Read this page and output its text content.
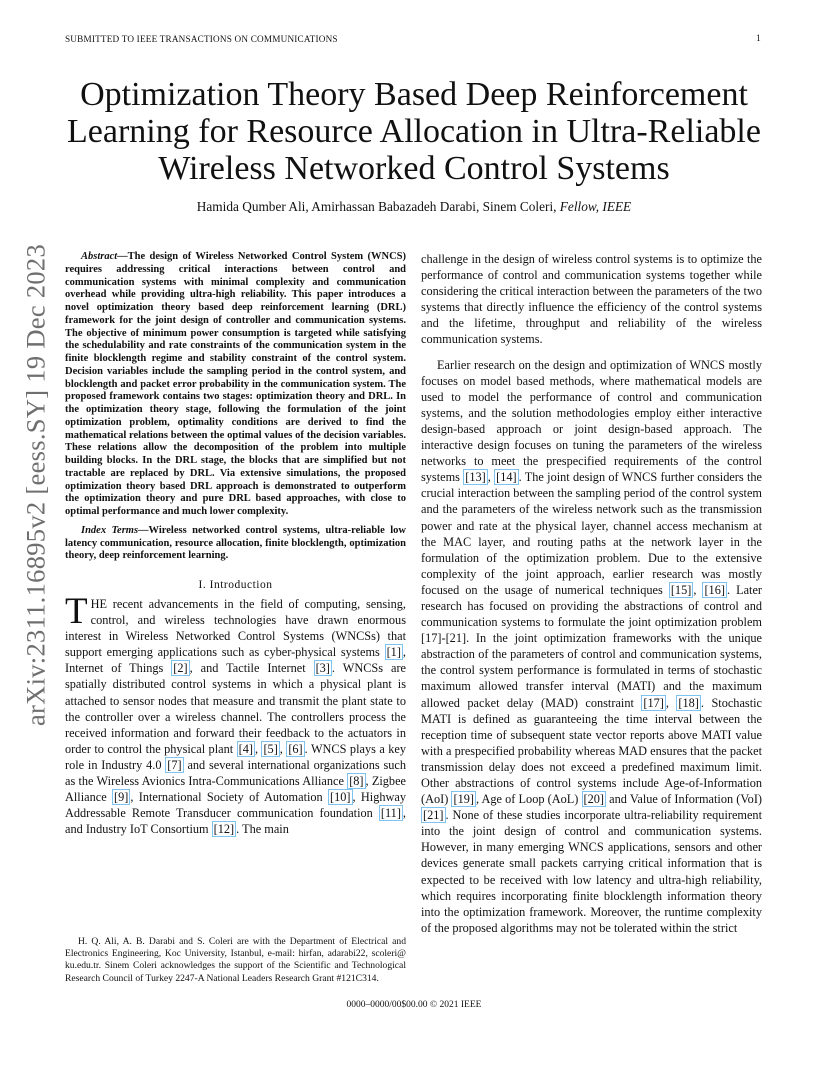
SUBMITTED TO IEEE TRANSACTIONS ON COMMUNICATIONS	1
Optimization Theory Based Deep Reinforcement Learning for Resource Allocation in Ultra-Reliable Wireless Networked Control Systems
Hamida Qumber Ali, Amirhassan Babazadeh Darabi, Sinem Coleri, Fellow, IEEE
arXiv:2311.16895v2 [eess.SY] 19 Dec 2023	Abstract—The design of Wireless Networked Control System (WNCS) requires addressing critical interactions between control and communication systems with minimal complexity and communication overhead while providing ultra-high reliability. This paper introduces a novel optimization theory based deep reinforcement learning (DRL) framework for the joint design of controller and communication systems. The objective of minimum power consumption is targeted while satisfying the schedulability and rate constraints of the communication system in the finite blocklength regime and stability constraint of the control system. Decision variables include the sampling period in the control system, and blocklength and packet error probability in the communication system. The proposed framework contains two stages: optimization theory and DRL. In the optimization theory stage, following the formulation of the joint optimization problem, optimality conditions are derived to find the mathematical relations between the optimal values of the decision variables. These relations allow the decomposition of the problem into multiple building blocks. In the DRL stage, the blocks that are simplified but not tractable are replaced by DRL. Via extensive simulations, the proposed optimization theory based DRL approach is demonstrated to outperform the optimization theory and pure DRL based approaches, with close to optimal performance and much lower complexity.

Index Terms—Wireless networked control systems, ultra-reliable low latency communication, resource allocation, finite blocklength, optimization theory, deep reinforcement learning.

I. Introduction

THE recent advancements in the field of computing, sensing, control, and wireless technologies have drawn enormous interest in Wireless Networked Control Systems (WNCSs) that support emerging applications such as cyber-physical systems [1] , Internet of Things [2] , and Tactile Internet [3] . WNCSs are spatially distributed control systems in which a physical plant is attached to sensor nodes that measure and transmit the plant state to the controller over a wireless channel. The controllers process the received information and forward their feedback to the actuators in order to control the physical plant [4] , [5] , [6] . WNCS plays a key role in Industry 4.0 [7] and several international organizations such as the Wireless Avionics Intra-Communications Alliance [8] , Zigbee Alliance [9] , International Society of Automation [10] , Highway Addressable Remote Transducer communication foundation [11] , and Industry IoT Consortium [12] . The main

H. Q. Ali, A. B. Darabi and S. Coleri are with the Department of Electrical and Electronics Engineering, Koc University, Istanbul, e-mail: hirfan, adarabi22, scoleri@ ku.edu.tr. Sinem Coleri acknowledges the support of the Scientific and Technological Research Council of Turkey 2247-A National Leaders Research Grant #121C314.

challenge in the design of wireless control systems is to optimize the performance of control and communication systems together while considering the critical interaction between the parameters of the two systems that directly influence the efficiency of the control systems and the lifetime, throughput and reliability of the wireless communication systems.

Earlier research on the design and optimization of WNCS mostly focuses on model based methods, where mathematical models are used to model the performance of control and communication systems, and the solution methodologies employ either interactive design-based approach or joint design-based approach. The interactive design focuses on tuning the parameters of the wireless networks to meet the prespecified requirements of the control systems [13] , [14] . The joint design of WNCS further considers the crucial interaction between the sampling period of the control system and the parameters of the wireless network such as the transmission power and rate at the physical layer, channel access mechanism at the MAC layer, and routing paths at the network layer in the formulation of the optimization problem. Due to the extensive complexity of the joint approach, earlier research was mostly focused on the usage of numerical techniques [15] , [16] . Later research has focused on providing the abstractions of control and communication systems to formulate the joint optimization problem [17]-[21]. In the joint optimization frameworks with the unique abstraction of the parameters of control and communication systems, the control system performance is formulated in terms of stochastic maximum allowed transfer interval (MATI) and the maximum allowed packet delay (MAD) constraint [17] , [18] . Stochastic MATI is defined as guaranteeing the time interval between the reception time of subsequent state vector reports above MATI value with a prespecified probability whereas MAD ensures that the packet transmission delay does not exceed a predefined maximum limit. Other abstractions of control systems include Age-of-Information (AoI) [19] , Age of Loop (AoL) [20] and Value of Information (VoI) [21] . None of these studies incorporate ultra-reliability requirement into the joint design of control and communication systems. However, in many emerging WNCS applications, sensors and other devices generate small packets carrying critical information that is expected to be received with low latency and ultra-high reliability, which requires incorporating finite blocklength information theory into the optimization framework. Moreover, the runtime complexity of the proposed algorithms may not be tolerated within the strict

0000–0000/00$00.00 © 2021 IEEE
